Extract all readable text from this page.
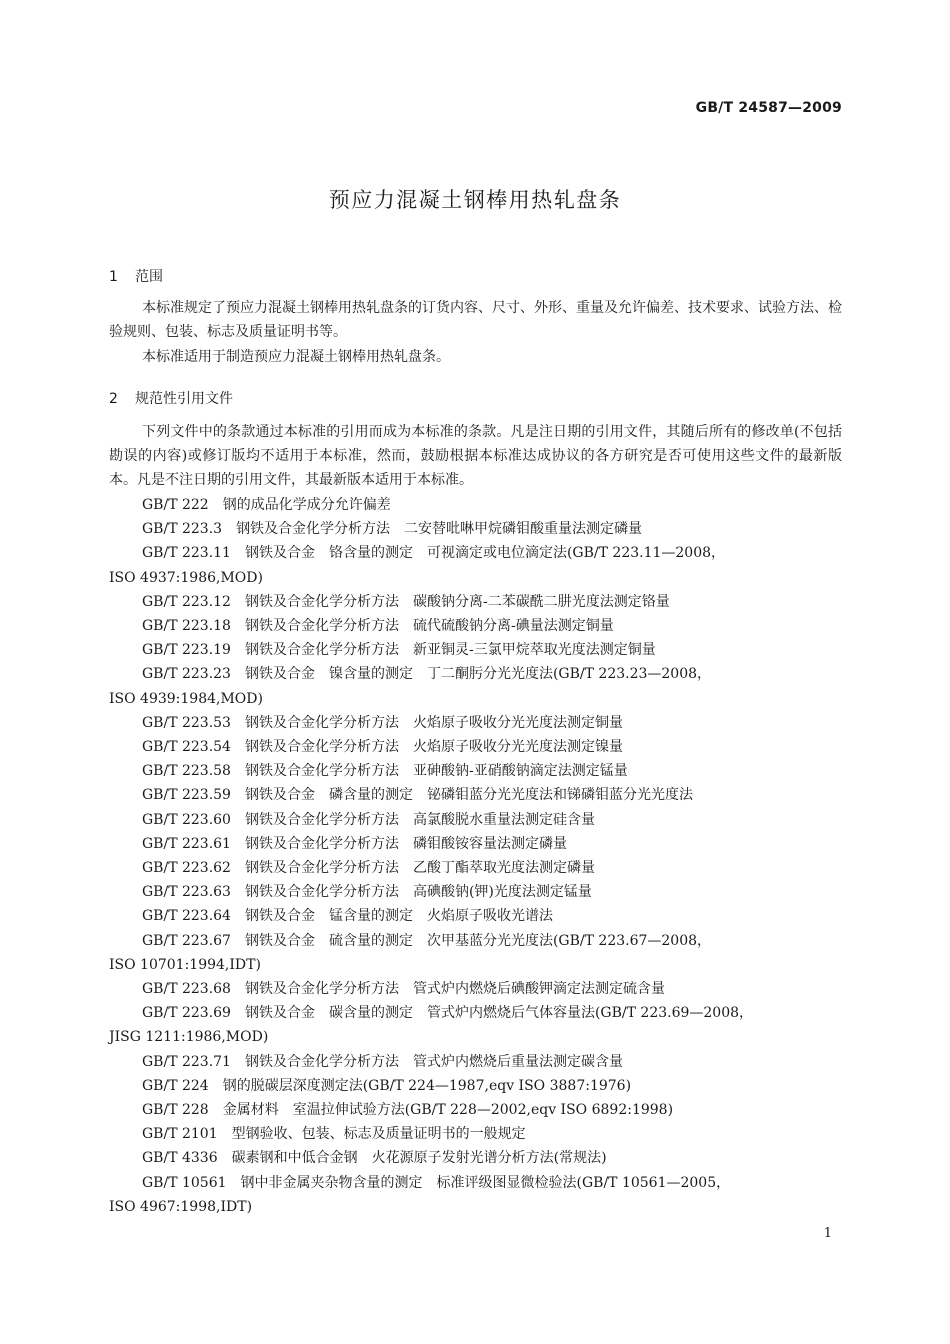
GB/T 24587—2009
预应力混凝土钢棒用热轧盘条
1 范围
本标准规定了预应力混凝土钢棒用热轧盘条的订货内容、尺寸、外形、重量及允许偏差、技术要求、试验方法、检验规则、包装、标志及质量证明书等。
本标准适用于制造预应力混凝土钢棒用热轧盘条。
2 规范性引用文件
下列文件中的条款通过本标准的引用而成为本标准的条款。凡是注日期的引用文件，其随后所有的修改单(不包括勘误的内容)或修订版均不适用于本标准，然而，鼓励根据本标准达成协议的各方研究是否可使用这些文件的最新版本。凡是不注日期的引用文件，其最新版本适用于本标准。
GB/T 222 钢的成品化学成分允许偏差
GB/T 223.3 钢铁及合金化学分析方法　二安替吡啉甲烷磷钼酸重量法测定磷量
GB/T 223.11 钢铁及合金　铬含量的测定　可视滴定或电位滴定法(GB/T 223.11—2008，
ISO 4937:1986,MOD)
GB/T 223.12 钢铁及合金化学分析方法　碳酸钠分离-二苯碳酰二肼光度法测定铬量
GB/T 223.18 钢铁及合金化学分析方法　硫代硫酸钠分离-碘量法测定铜量
GB/T 223.19 钢铁及合金化学分析方法　新亚铜灵-三氯甲烷萃取光度法测定铜量
GB/T 223.23 钢铁及合金　镍含量的测定　丁二酮肟分光光度法(GB/T 223.23—2008，
ISO 4939:1984,MOD)
GB/T 223.53 钢铁及合金化学分析方法　火焰原子吸收分光光度法测定铜量
GB/T 223.54 钢铁及合金化学分析方法　火焰原子吸收分光光度法测定镍量
GB/T 223.58 钢铁及合金化学分析方法　亚砷酸钠-亚硝酸钠滴定法测定锰量
GB/T 223.59 钢铁及合金　磷含量的测定　铋磷钼蓝分光光度法和锑磷钼蓝分光光度法
GB/T 223.60 钢铁及合金化学分析方法　高氯酸脱水重量法测定硅含量
GB/T 223.61 钢铁及合金化学分析方法　磷钼酸铵容量法测定磷量
GB/T 223.62 钢铁及合金化学分析方法　乙酸丁酯萃取光度法测定磷量
GB/T 223.63 钢铁及合金化学分析方法　高碘酸钠(钾)光度法测定锰量
GB/T 223.64 钢铁及合金　锰含量的测定　火焰原子吸收光谱法
GB/T 223.67 钢铁及合金　硫含量的测定　次甲基蓝分光光度法(GB/T 223.67—2008，
ISO 10701:1994,IDT)
GB/T 223.68 钢铁及合金化学分析方法　管式炉内燃烧后碘酸钾滴定法测定硫含量
GB/T 223.69 钢铁及合金　碳含量的测定　管式炉内燃烧后气体容量法(GB/T 223.69—2008，
JISG 1211:1986,MOD)
GB/T 223.71 钢铁及合金化学分析方法　管式炉内燃烧后重量法测定碳含量
GB/T 224 钢的脱碳层深度测定法(GB/T 224—1987,eqv ISO 3887:1976)
GB/T 228 金属材料　室温拉伸试验方法(GB/T 228—2002,eqv ISO 6892:1998)
GB/T 2101 型钢验收、包装、标志及质量证明书的一般规定
GB/T 4336 碳素钢和中低合金钢　火花源原子发射光谱分析方法(常规法)
GB/T 10561 钢中非金属夹杂物含量的测定　标准评级图显微检验法(GB/T 10561—2005，
ISO 4967:1998,IDT)
1
